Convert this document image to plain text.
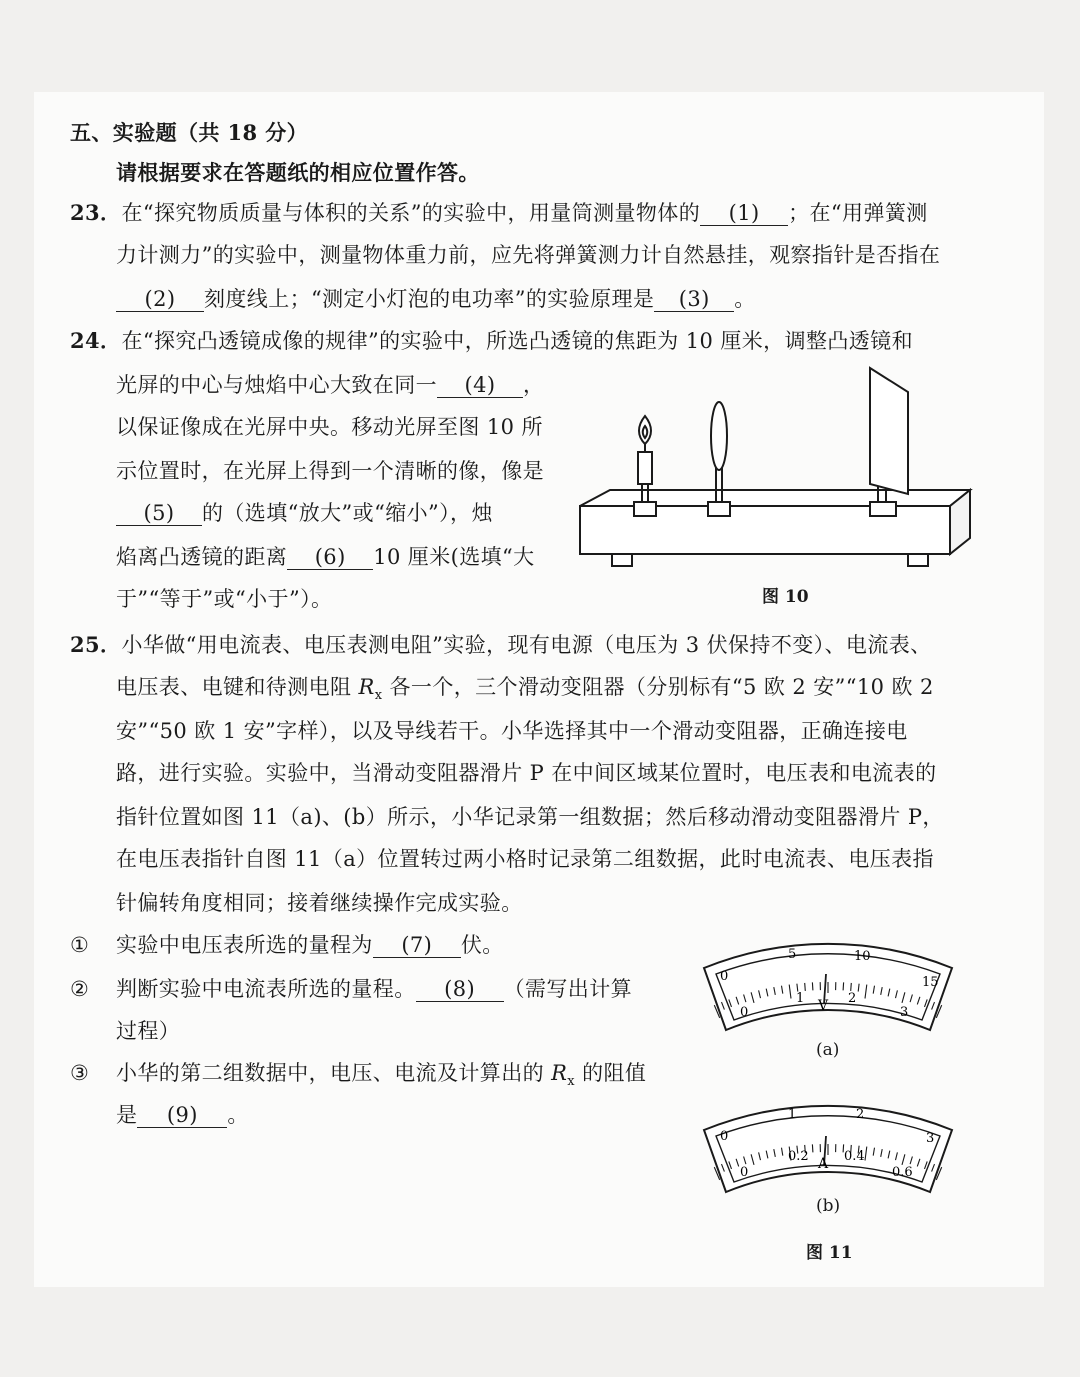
五、实验题（共 18 分）
请根据要求在答题纸的相应位置作答。
23．在“探究物质质量与体积的关系”的实验中，用量筒测量物体的 (1) ；在“用弹簧测
力计测力”的实验中，测量物体重力前，应先将弹簧测力计自然悬挂，观察指针是否指在
(2) 刻度线上；“测定小灯泡的电功率”的实验原理是 (3) 。
24．在“探究凸透镜成像的规律”的实验中，所选凸透镜的焦距为 10 厘米，调整凸透镜和
光屏的中心与烛焰中心大致在同一 (4) ，
以保证像成在光屏中央。移动光屏至图 10 所
示位置时，在光屏上得到一个清晰的像，像是
(5) 的（选填“放大”或“缩小”），烛
焰离凸透镜的距离 (6) 10 厘米(选填“大
于”“等于”或“小于”）。	图 10
25．小华做“用电流表、电压表测电阻”实验，现有电源（电压为 3 伏保持不变）、电流表、
电压表、电键和待测电阻 $R_x$ 各一个，三个滑动变阻器（分别标有“5 欧 2 安”“10 欧 2
安”“50 欧 1 安”字样），以及导线若干。小华选择其中一个滑动变阻器，正确连接电
路，进行实验。实验中，当滑动变阻器滑片 P 在中间区域某位置时，电压表和电流表的
指针位置如图 11（a)、(b）所示，小华记录第一组数据；然后移动滑动变阻器滑片 P，
在电压表指针自图 11（a）位置转过两小格时记录第二组数据，此时电流表、电压表指
针偏转角度相同；接着继续操作完成实验。
① 实验中电压表所选的量程为 (7) 伏。
② 判断实验中电流表所选的量程。 (8) （需写出计算
过程）
③ 小华的第二组数据中，电压、电流及计算出的 $R_x$ 的阻值
是 (9) 。
0
5	10
15
0
1	2
3
V
(a)
0
1	2
3
0
0.2	0.4
0.6
A
(b)
图 11
